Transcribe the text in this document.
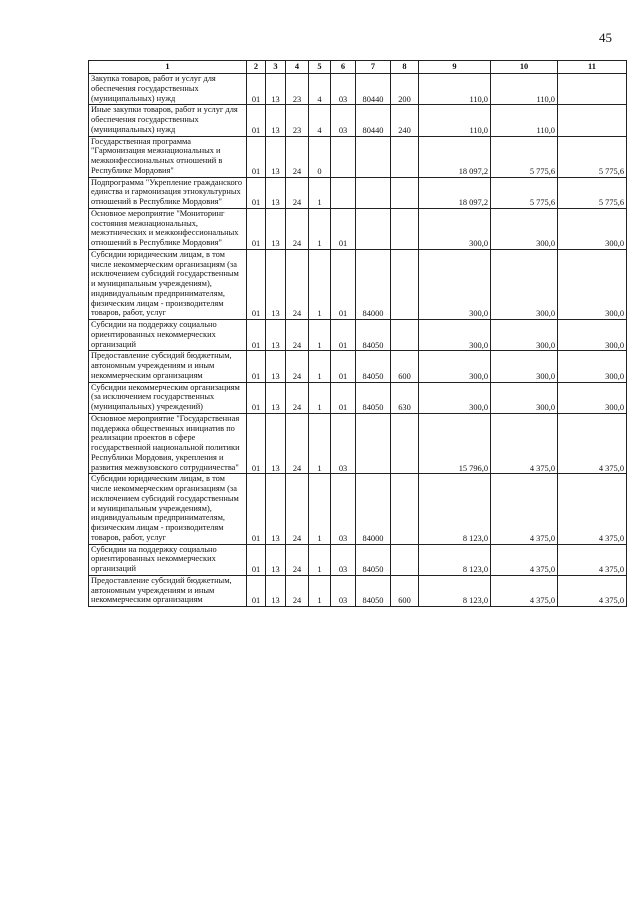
45
1	2	3	4	5	6	7	8	9	10	11
Закупка товаров, работ и услуг для обеспечения государственных (муниципальных) нужд	01	13	23	4	03	80440	200	110,0	110,0	
Иные закупки товаров, работ и услуг для обеспечения государственных (муниципальных) нужд	01	13	23	4	03	80440	240	110,0	110,0	
Государственная программа "Гармонизация межнациональных и межконфессиональных отношений в Республике Мордовия"	01	13	24	0				18 097,2	5 775,6	5 775,6
Подпрограмма "Укрепление гражданского единства и гармонизация этнокультурных отношений в Республике Мордовия"	01	13	24	1				18 097,2	5 775,6	5 775,6
Основное мероприятие "Мониторинг состояния межнациональных, межэтнических и межконфессиональных отношений в Республике Мордовия"	01	13	24	1	01			300,0	300,0	300,0
Субсидии юридическим лицам, в том числе некоммерческим организациям (за исключением субсидий государственным и муниципальным учреждениям), индивидуальным предпринимателям, физическим лицам - производителям товаров, работ, услуг	01	13	24	1	01	84000		300,0	300,0	300,0
Субсидии на поддержку социально ориентированных некоммерческих организаций	01	13	24	1	01	84050		300,0	300,0	300,0
Предоставление субсидий бюджетным, автономным учреждениям и иным некоммерческим организациям	01	13	24	1	01	84050	600	300,0	300,0	300,0
Субсидии некоммерческим организациям (за исключением государственных (муниципальных) учреждений)	01	13	24	1	01	84050	630	300,0	300,0	300,0
Основное мероприятие "Государственная поддержка общественных инициатив по реализации проектов в сфере государственной национальной политики Республики Мордовия, укрепления и развития межвузовского сотрудничества"	01	13	24	1	03			15 796,0	4 375,0	4 375,0
Субсидии юридическим лицам, в том числе некоммерческим организациям (за исключением субсидий государственным и муниципальным учреждениям), индивидуальным предпринимателям, физическим лицам - производителям товаров, работ, услуг	01	13	24	1	03	84000		8 123,0	4 375,0	4 375,0
Субсидии на поддержку социально ориентированных некоммерческих организаций	01	13	24	1	03	84050		8 123,0	4 375,0	4 375,0
Предоставление субсидий бюджетным, автономным учреждениям и иным некоммерческим организациям	01	13	24	1	03	84050	600	8 123,0	4 375,0	4 375,0
